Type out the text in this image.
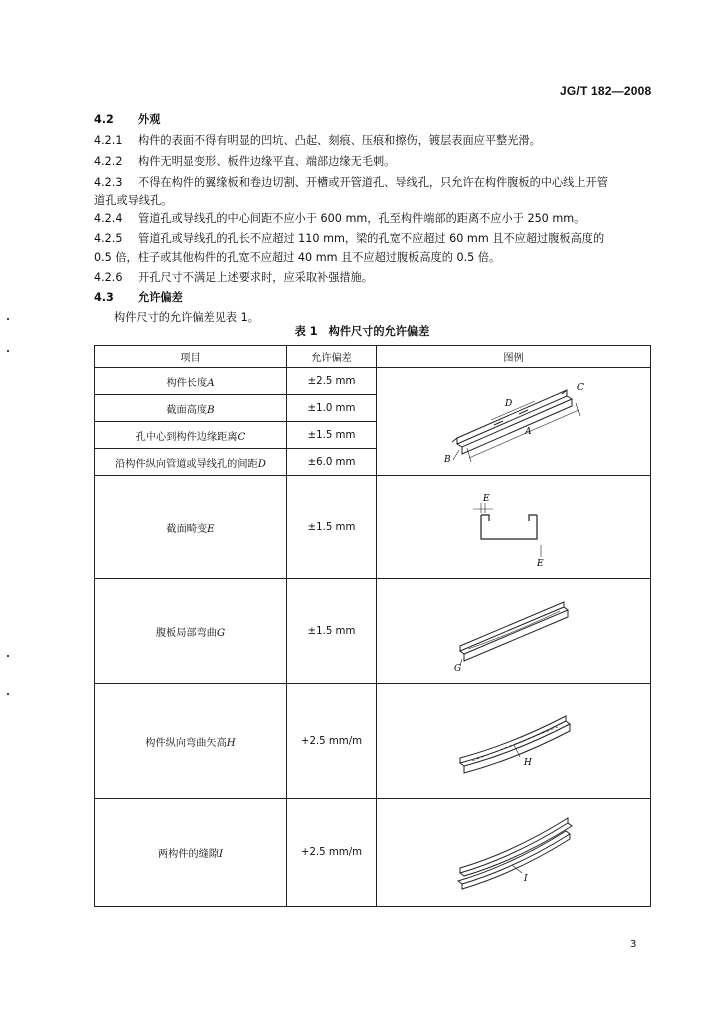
JG/T 182—2008
4.2 外观
4.2.1 构件的表面不得有明显的凹坑、凸起、刻痕、压痕和擦伤，镀层表面应平整光滑。
4.2.2 构件无明显变形、板件边缘平直、端部边缘无毛刺。
4.2.3 不得在构件的翼缘板和卷边切割、开槽或开管道孔、导线孔，只允许在构件腹板的中心线上开管
道孔或导线孔。
4.2.4 管道孔或导线孔的中心间距不应小于 600 mm，孔至构件端部的距离不应小于 250 mm。
4.2.5 管道孔或导线孔的孔长不应超过 110 mm，梁的孔宽不应超过 60 mm 且不应超过腹板高度的
0.5 倍，柱子或其他构件的孔宽不应超过 40 mm 且不应超过腹板高度的 0.5 倍。
4.2.6 开孔尺寸不满足上述要求时，应采取补强措施。
4.3 允许偏差
构件尺寸的允许偏差见表 1。
表 1　构件尺寸的允许偏差
项目	允许偏差	图例
构件长度A	±2.5 mm	D
A
B
C

截面高度B	±1.0 mm	
孔中心到构件边缘距离C	±1.5 mm	
沿构件纵向管道或导线孔的间距D	±6.0 mm	
截面畸变E	±1.5 mm	E
E

腹板局部弯曲G	±1.5 mm	G

构件纵向弯曲矢高H	+2.5 mm/m	H

两构件的缝隙I	+2.5 mm/m	I
3
